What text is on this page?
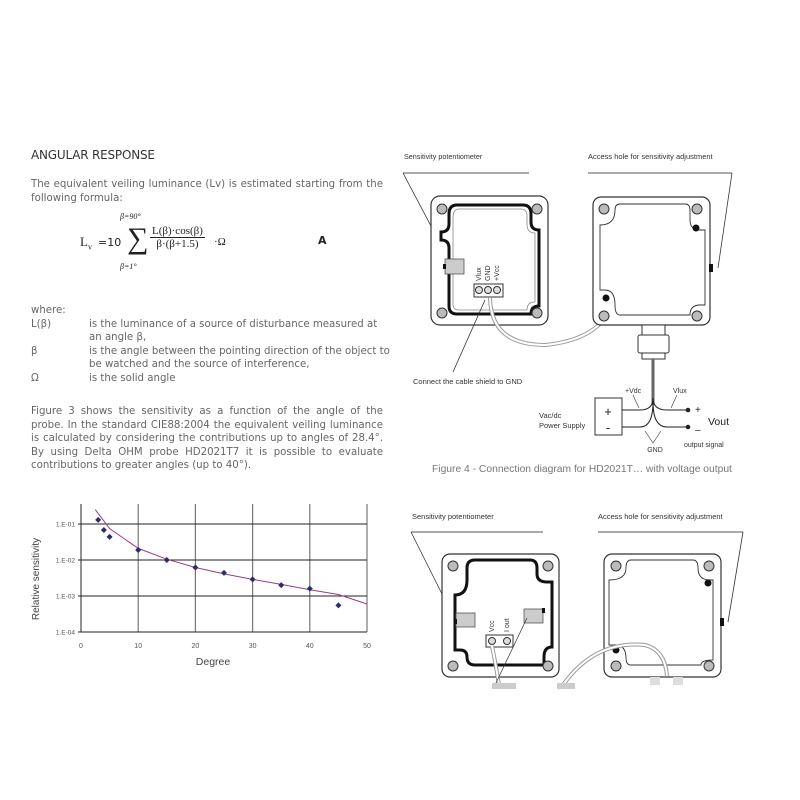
ANGULAR RESPONSE
The equivalent veiling luminance (Lv) is estimated starting from the following formula:
$L_v =10$
β=90°
∑
β=1°
$\frac{L(\beta)\cdot\cos(\beta)}{\beta\cdot(\beta+1.5)} \cdot\Omega$	A
where:
L(β)	is the luminance of a source of disturbance measured at an angle β,
β	is the angle between the pointing direction of the object to be watched and the source of interference,
Ω	is the solid angle
Figure 3 shows the sensitivity as a function of the angle of the probe. In the standard CIE88:2004 the equivalent veiling luminance is calculated by considering the contributions up to angles of 28.4°. By using Delta OHM probe HD2021T7 it is possible to evaluate contributions to greater angles (up to 40°).
1.E-01
1.E-02
1.E-03
1.E-04
0	10	20	30	40	50
Degree
Relative sensitivity
Sensitivity potentiometer	Access hole for sensitivity adjustment
Vlux GND +Vcc
Connect the cable shield to GND
+
-
Vac/dc
Power Supply
+Vdc	Vlux
GND
+
–
Vout
output signal
Figure 4 - Connection diagram for HD2021T… with voltage output
Sensitivity potentiometer	Access hole for sensitivity adjustment
Vcc I out
